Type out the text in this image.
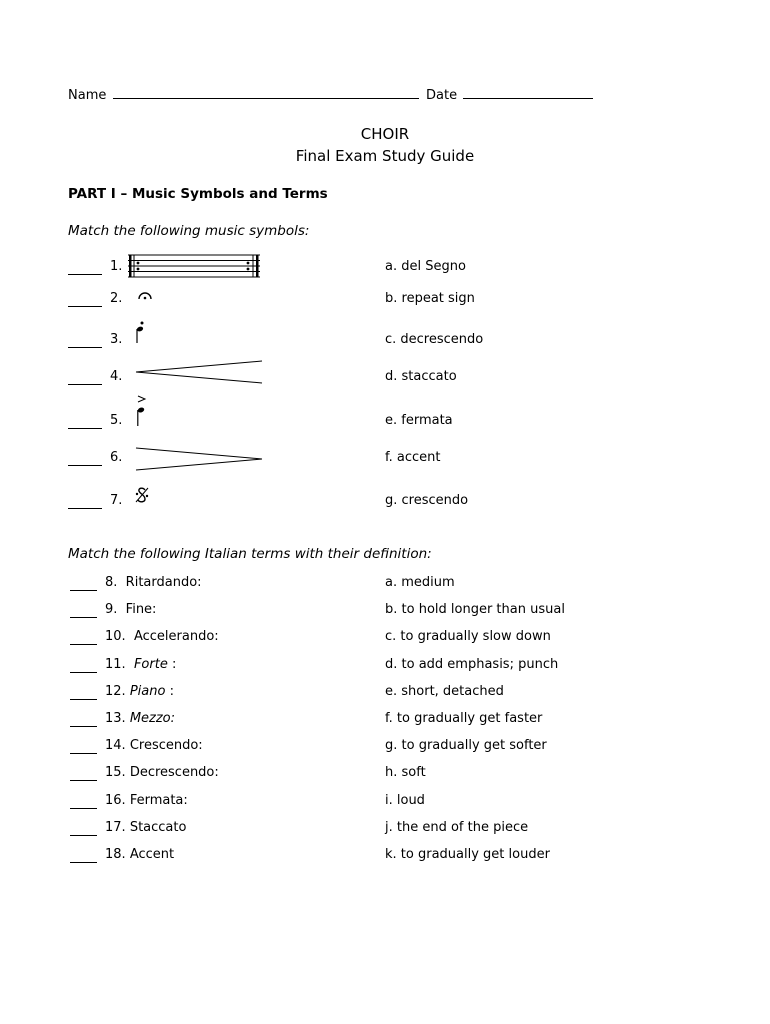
Name	Date
CHOIR
Final Exam Study Guide
PART I – Music Symbols and Terms
Match the following music symbols:
1.	a. del Segno
2.	b. repeat sign
3.	c. decrescendo
4.	d. staccato
5.	e. fermata
6.	f. accent
7.	g. crescendo
Match the following Italian terms with their definition:
8.  Ritardando:	a. medium
9.  Fine:	b. to hold longer than usual
10.  Accelerando:	c. to gradually slow down
11.  Forte :	d. to add emphasis; punch
12. Piano :	e. short, detached
13. Mezzo:	f. to gradually get faster
14. Crescendo:	g. to gradually get softer
15. Decrescendo:	h. soft
16. Fermata:	i. loud
17. Staccato	j. the end of the piece
18. Accent	k. to gradually get louder
